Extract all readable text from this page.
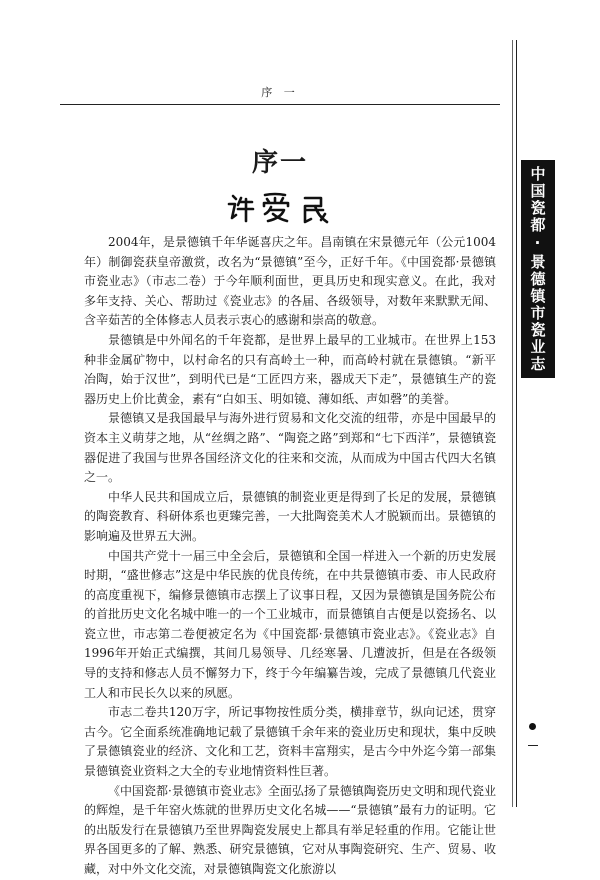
序 一
中国瓷都·景德镇市瓷业志
序一

2004年，是景德镇千年华诞喜庆之年。昌南镇在宋景德元年（公元1004年）制御瓷获皇帝激赏，改名为“景德镇”至今，正好千年。《中国瓷都·景德镇市瓷业志》（市志二卷）于今年顺利面世，更具历史和现实意义。在此，我对多年支持、关心、帮助过《瓷业志》的各届、各级领导，对数年来默默无闻、含辛茹苦的全体修志人员表示衷心的感谢和崇高的敬意。

景德镇是中外闻名的千年瓷都，是世界上最早的工业城市。在世界上153种非金属矿物中，以村命名的只有高岭土一种，而高岭村就在景德镇。“新平冶陶，始于汉世”，到明代已是“工匠四方来，器成天下走”，景德镇生产的瓷器历史上价比黄金，素有“白如玉、明如镜、薄如纸、声如磬”的美誉。

景德镇又是我国最早与海外进行贸易和文化交流的纽带，亦是中国最早的资本主义萌芽之地，从“丝绸之路”、“陶瓷之路”到郑和“七下西洋”，景德镇瓷器促进了我国与世界各国经济文化的往来和交流，从而成为中国古代四大名镇之一。

中华人民共和国成立后，景德镇的制瓷业更是得到了长足的发展，景德镇的陶瓷教育、科研体系也更臻完善，一大批陶瓷美术人才脱颖而出。景德镇的影响遍及世界五大洲。

中国共产党十一届三中全会后，景德镇和全国一样进入一个新的历史发展时期，“盛世修志”这是中华民族的优良传统，在中共景德镇市委、市人民政府的高度重视下，编修景德镇市志摆上了议事日程，又因为景德镇是国务院公布的首批历史文化名城中唯一的一个工业城市，而景德镇自古便是以瓷扬名、以瓷立世，市志第二卷便被定名为《中国瓷都·景德镇市瓷业志》。《瓷业志》自1996年开始正式编撰，其间几易领导、几经寒暑、几遭波折，但是在各级领导的支持和修志人员不懈努力下，终于今年编纂告竣，完成了景德镇几代瓷业工人和市民长久以来的夙愿。

市志二卷共120万字，所记事物按性质分类，横排章节，纵向记述，贯穿古今。它全面系统准确地记载了景德镇千余年来的瓷业历史和现状，集中反映了景德镇瓷业的经济、文化和工艺，资料丰富翔实，是古今中外迄今第一部集景德镇瓷业资料之大全的专业地情资料性巨著。

《中国瓷都·景德镇市瓷业志》全面弘扬了景德镇陶瓷历史文明和现代瓷业的辉煌，是千年窑火炼就的世界历史文化名城——“景德镇”最有力的证明。它的出版发行在景德镇乃至世界陶瓷发展史上都具有举足轻重的作用。它能让世界各国更多的了解、熟悉、研究景德镇，它对从事陶瓷研究、生产、贸易、收藏，对中外文化交流，对景德镇陶瓷文化旅游以
